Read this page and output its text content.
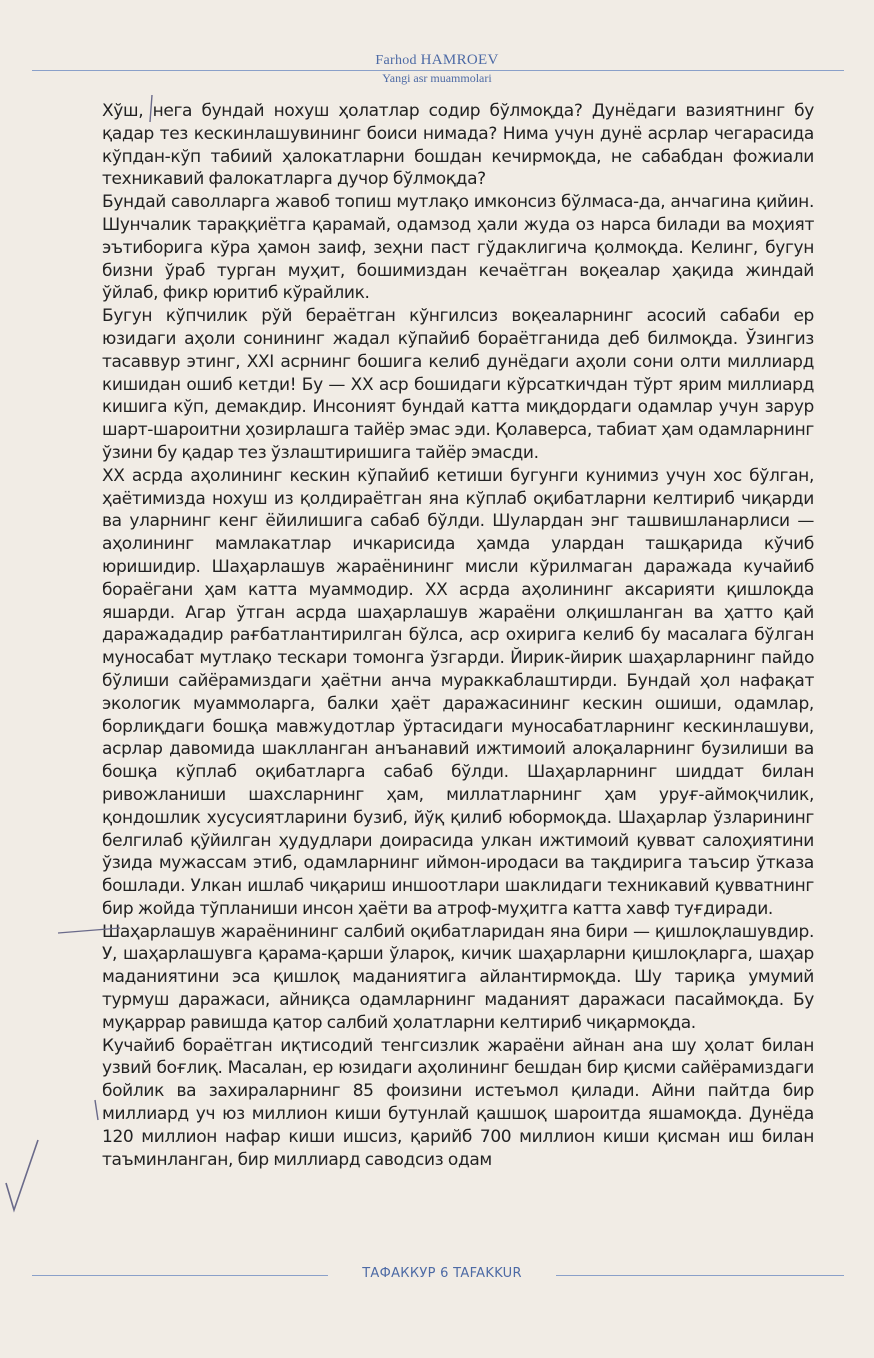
Farhod HAMROEV
Yangi asr muammolari

Хўш, нега бундай нохуш ҳолатлар содир бўлмоқда? Дунёдаги вазиятнинг бу қадар тез кескинлашувининг боиси нимада? Нима учун дунё асрлар чегарасида кўпдан-кўп табиий ҳалокатларни бошдан кечирмоқда, не сабабдан фожиали техникавий фалокатларга дучор бўлмоқда?

Бундай саволларга жавоб топиш мутлақо имконсиз бўлмаса-да, анчагина қийин. Шунчалик тараққиётга қарамай, одамзод ҳали жуда оз нарса билади ва моҳият эътиборига кўра ҳамон заиф, зеҳни паст гўдаклигича қолмоқда. Келинг, бугун бизни ўраб турган муҳит, бошимиздан кечаётган воқеалар ҳақида жиндай ўйлаб, фикр юритиб кўрайлик.

Бугун кўпчилик рўй бераётган кўнгилсиз воқеаларнинг асосий сабаби ер юзидаги аҳоли сонининг жадал кўпайиб бораётганида деб билмоқда. Ўзингиз тасаввур этинг, XXI асрнинг бошига келиб дунёдаги аҳоли сони олти миллиард кишидан ошиб кетди! Бу — XX аср бошидаги кўрсаткичдан тўрт ярим миллиард кишига кўп, демакдир. Инсоният бундай катта миқдордаги одамлар учун зарур шарт-шароитни ҳозирлашга тайёр эмас эди. Қолаверса, табиат ҳам одамларнинг ўзини бу қадар тез ўзлаштиришига тайёр эмасди.

XX асрда аҳолининг кескин кўпайиб кетиши бугунги кунимиз учун хос бўлган, ҳаётимизда нохуш из қолдираётган яна кўплаб оқибатларни келтириб чиқарди ва уларнинг кенг ёйилишига сабаб бўлди. Шулардан энг ташвишланарлиси — аҳолининг мамлакатлар ичкарисида ҳамда улардан ташқарида кўчиб юришидир. Шаҳарлашув жараёнининг мисли кўрилмаган даражада кучайиб бораёгани ҳам катта муаммодир. XX асрда аҳолининг аксарияти қишлоқда яшарди. Агар ўтган асрда шаҳарлашув жараёни олқишланган ва ҳатто қай даражададир рағбатлантирилган бўлса, аср охирига келиб бу масалага бўлган муносабат мутлақо тескари томонга ўзгарди. Йирик-йирик шаҳарларнинг пайдо бўлиши сайёрамиздаги ҳаётни анча мураккаблаштирди. Бундай ҳол нафақат экологик муаммоларга, балки ҳаёт даражасининг кескин ошиши, одамлар, борлиқдаги бошқа мавжудотлар ўртасидаги муносабатларнинг кескинлашуви, асрлар давомида шаклланган анъанавий ижтимоий алоқаларнинг бузилиши ва бошқа кўплаб оқибатларга сабаб бўлди. Шаҳарларнинг шиддат билан ривожланиши шахсларнинг ҳам, миллатларнинг ҳам уруғ-аймоқчилик, қондошлик хусусиятларини бузиб, йўқ қилиб юбормоқда. Шаҳарлар ўзларининг белгилаб қўйилган ҳудудлари доирасида улкан ижтимоий қувват салоҳиятини ўзида мужассам этиб, одамларнинг иймон-иродаси ва тақдирига таъсир ўтказа бошлади. Улкан ишлаб чиқариш иншоотлари шаклидаги техникавий қувватнинг бир жойда тўпланиши инсон ҳаёти ва атроф-муҳитга катта хавф туғдиради.

Шаҳарлашув жараёнининг салбий оқибатларидан яна бири — қишлоқлашувдир. У, шаҳарлашувга қарама-қарши ўлароқ, кичик шаҳарларни қишлоқларга, шаҳар маданиятини эса қишлоқ маданиятига айлантирмоқда. Шу тариқа умумий турмуш даражаси, айниқса одамларнинг маданият даражаси пасаймоқда. Бу муқаррар равишда қатор салбий ҳолатларни келтириб чиқармоқда.

Кучайиб бораётган иқтисодий тенгсизлик жараёни айнан ана шу ҳолат билан узвий боғлиқ. Масалан, ер юзидаги аҳолининг бешдан бир қисми сайёрамиздаги бойлик ва захираларнинг 85 фоизини истеъмол қилади. Айни пайтда бир миллиард уч юз миллион киши бутунлай қашшоқ шароитда яшамоқда. Дунёда 120 миллион нафар киши ишсиз, қарийб 700 миллион киши қисман иш билан таъминланган, бир миллиард саводсиз одам

ТАФАККУР 6 TAFAKKUR
